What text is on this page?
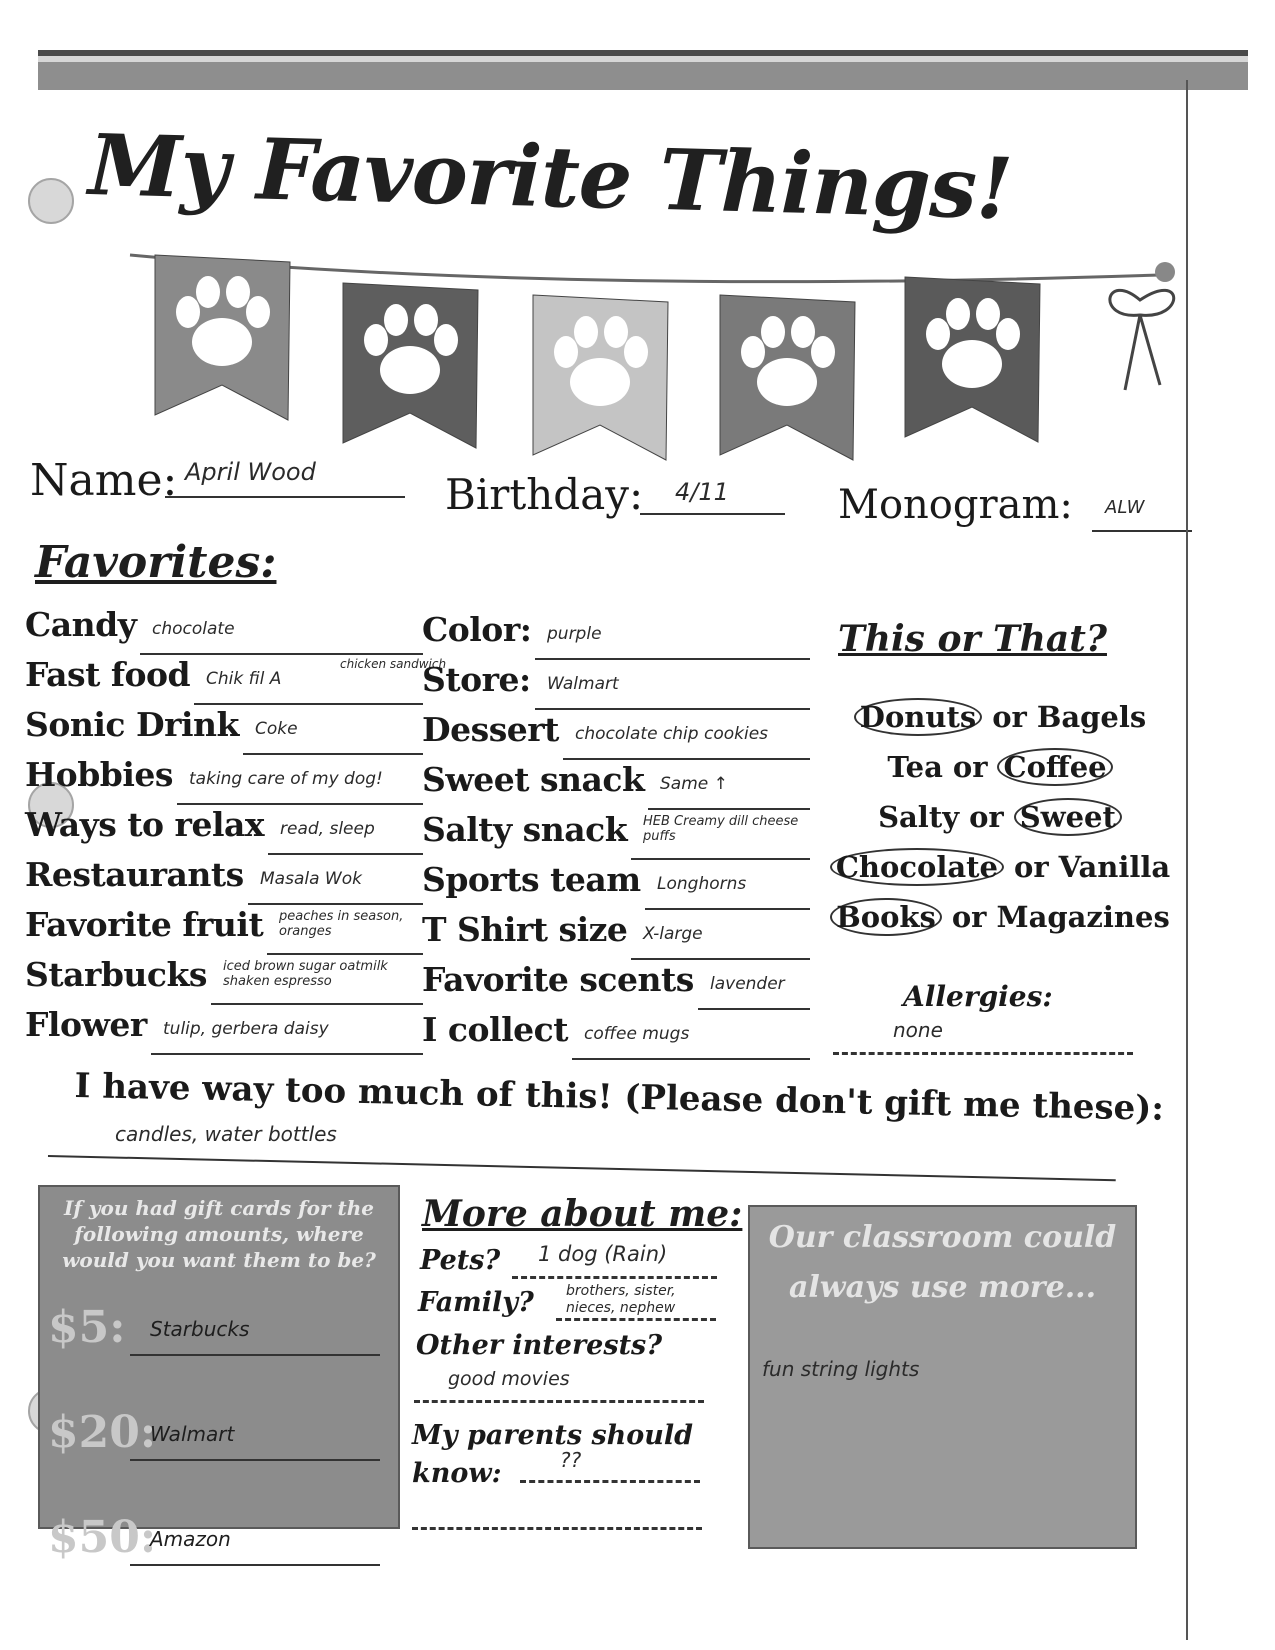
My Favorite Things!
Name: April Wood	Birthday: 4/11	Monogram: ALW
Favorites:
Candy chocolate
Fast food Chik fil A
chicken sandwich
Sonic Drink Coke
Hobbies taking care of my dog!
Ways to relax read, sleep
Restaurants Masala Wok
Favorite fruit peaches in season, oranges
Starbucks iced brown sugar oatmilk shaken espresso
Flower tulip, gerbera daisy
Color: purple
Store: Walmart
Dessert chocolate chip cookies
Sweet snack Same ↑
Salty snack HEB Creamy dill cheese puffs
Sports team Longhorns
T Shirt size X-large
Favorite scents lavender
I collect coffee mugs
This or That?
Donuts or Bagels
Tea or Coffee
Salty or Sweet
Chocolate or Vanilla
Books or Magazines
Allergies:
none
I have way too much of this! (Please don't gift me these):
candles, water bottles
If you had gift cards for the following amounts, where would you want them to be?
$5: Starbucks
$20:
Walmart
$50:
Amazon
More about me:
Pets? 1 dog (Rain)
Family? brothers, sister, nieces, nephew
Other interests?
good movies
My parents should know:	??
Our classroom could always use more...
fun string lights
